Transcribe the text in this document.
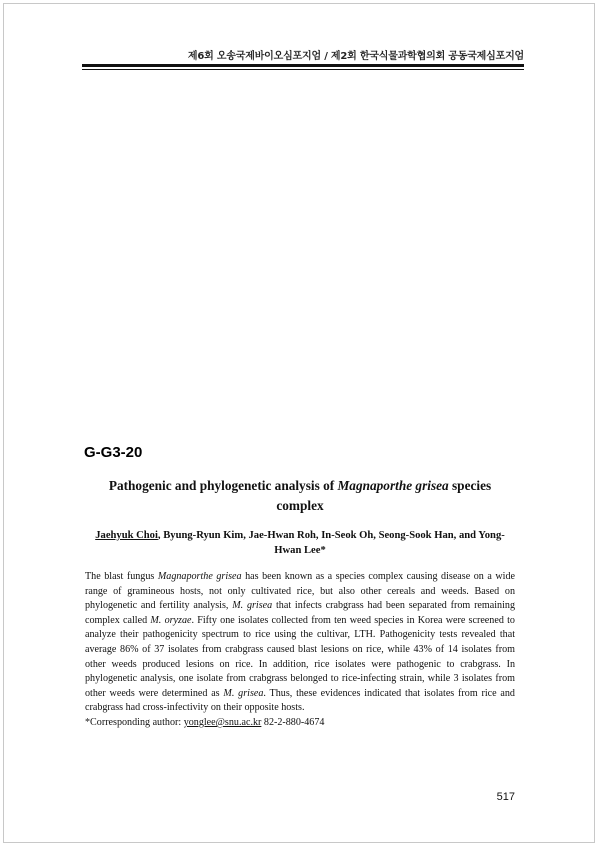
제6회 오송국제바이오심포지엄 / 제2회 한국식물과학협의회 공동국제심포지엄
G-G3-20
Pathogenic and phylogenetic analysis of Magnaporthe grisea species complex
Jaehyuk Choi, Byung-Ryun Kim, Jae-Hwan Roh, In-Seok Oh, Seong-Sook Han, and Yong-Hwan Lee*

The blast fungus Magnaporthe grisea has been known as a species complex causing disease on a wide range of gramineous hosts, not only cultivated rice, but also other cereals and weeds. Based on phylogenetic and fertility analysis, M. grisea that infects crabgrass had been separated from remaining complex called M. oryzae. Fifty one isolates collected from ten weed species in Korea were screened to analyze their pathogenicity spectrum to rice using the cultivar, LTH. Pathogenicity tests revealed that average 86% of 37 isolates from crabgrass caused blast lesions on rice, while 43% of 14 isolates from other weeds produced lesions on rice. In addition, rice isolates were pathogenic to crabgrass. In phylogenetic analysis, one isolate from crabgrass belonged to rice-infecting strain, while 3 isolates from other weeds were determined as M. grisea. Thus, these evidences indicated that isolates from rice and crabgrass had cross-infectivity on their opposite hosts.

*Corresponding author: yonglee@snu.ac.kr 82-2-880-4674
517
